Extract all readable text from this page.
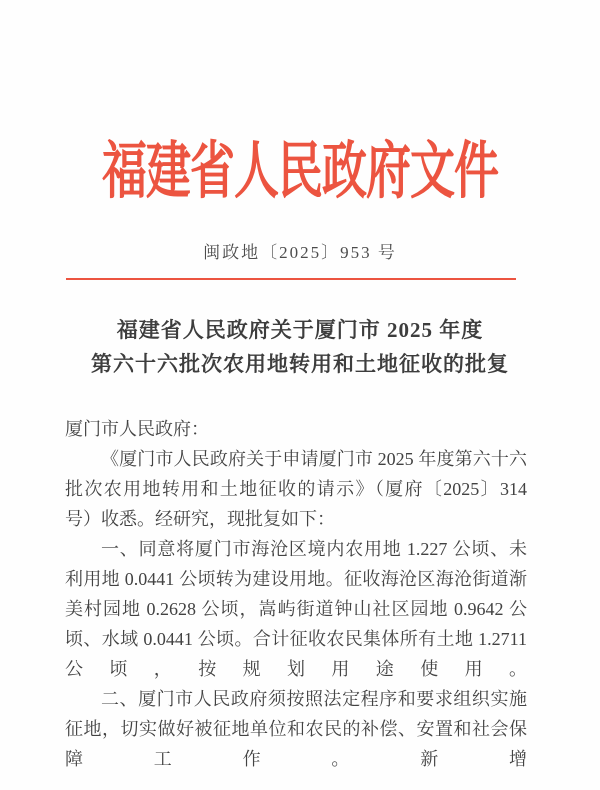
福建省人民政府文件
闽政地〔2025〕953 号
福建省人民政府关于厦门市 2025 年度
第六十六批次农用地转用和土地征收的批复

厦门市人民政府：

《厦门市人民政府关于申请厦门市 2025 年度第六十六批次农用地转用和土地征收的请示》（厦府〔2025〕314 号）收悉。经研究，现批复如下：

一、同意将厦门市海沧区境内农用地 1.227 公顷、未利用地 0.0441 公顷转为建设用地。征收海沧区海沧街道渐美村园地 0.2628 公顷，嵩屿街道钟山社区园地 0.9642 公顷、水域 0.0441 公顷。合计征收农民集体所有土地 1.2711 公顷，按规划用途使用。

二、厦门市人民政府须按照法定程序和要求组织实施征地，切实做好被征地单位和农民的补偿、安置和社会保障工作。新增
